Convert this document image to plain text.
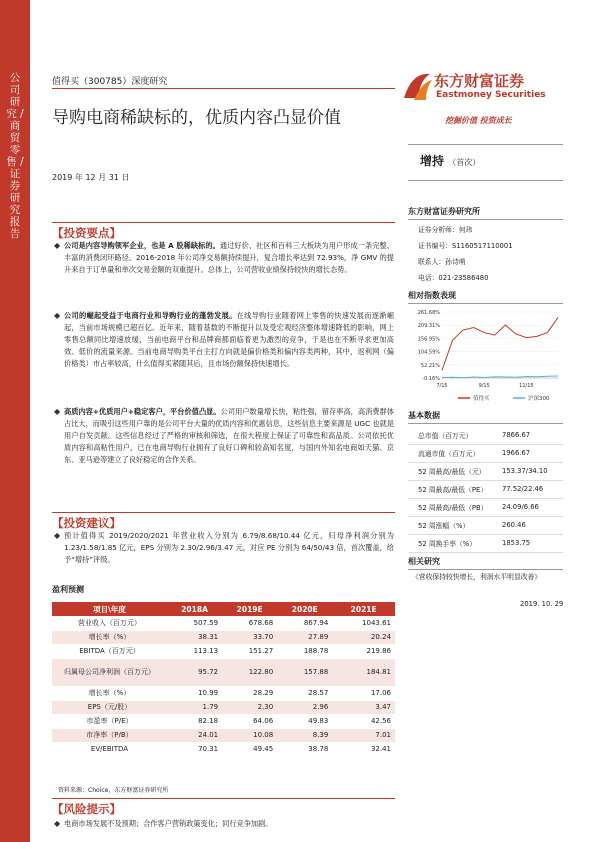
公司研究 / 商贸零售 / 证券研究报告
值得买（300785）深度研究
导购电商稀缺标的，优质内容凸显价值
东方财富证券
Eastmoney Securities
挖掘价值 投资成长
2019 年 12 月 31 日
增持 （首次）
【投资要点】
◆ 公司是内容导购领军企业，也是 A 股稀缺标的。通过好价、社区和百科三大板块为用户形成一条完整、丰富的消费闭环路径。2016-2018 年公司净交易额持续提升，复合增长率达到 72.93%，净 GMV 的提升来自于订单量和单次交易金额的双重提升。总体上，公司营收业绩保持较快的增长态势。
◆ 公司的崛起受益于电商行业和导购行业的蓬勃发展。在线导购行业随着网上零售的快速发展而逐渐崛起，当前市场规模已超百亿。近年来，随着基数的不断提升以及受宏观经济整体增速降低的影响，网上零售总额同比增速放缓，当前电商平台和品牌商都面临着更为激烈的竞争，于是也在不断寻求更加高效、低价的流量来源。当前电商导购类平台主打方向就是偏价格类和偏内容类两种，其中，返利网（偏价格类）市占率较高，什么值得买紧随其后，且市场份额保持快速增长。
◆ 高质内容+优质用户+稳定客户，平台价值凸显。公司用户数量增长快，粘性强，留存率高，高消费群体占比大，而吸引这些用户靠的是公司平台大量的优质内容和优惠信息，这些信息主要来源是 UGC 也就是用户自发贡献。这些信息经过了严格的审核和筛选，在很大程度上保证了可靠性和高品质。公司依托优质内容和高粘性用户，已在电商导购行业拥有了良好口碑和较高知名度，与国内外知名电商如天猫、京东、亚马逊等建立了良好稳定的合作关系。
【投资建议】
◆ 预计值得买 2019/2020/2021 年营业收入分别为 6.79/8.68/10.44 亿元，归母净利润分别为 1.23/1.58/1.85 亿元，EPS 分别为 2.30/2.96/3.47 元，对应 PE 分别为 64/50/43 倍，首次覆盖，给予“增持”评级。
盈利预测
项目\年度	2018A	2019E	2020E	2021E
营业收入（百万元）	507.59	678.68	867.94	1043.61
增长率（%）	38.31	33.70	27.89	20.24
EBITDA（百万元）	113.13	151.27	188.78	219.86
归属母公司净利润（百万元）	95.72	122.80	157.88	184.81
增长率（%）	10.99	28.29	28.57	17.06
EPS（元/股）	1.79	2.30	2.96	3.47
市盈率（P/E）	82.18	64.06	49.83	42.56
市净率（P/B）	24.01	10.08	8.39	7.01
EV/EBITDA	70.31	49.45	38.78	32.41
资料来源：Choice，东方财富证券研究所
【风险提示】
◆ 电商市场发展不及预期；合作客户营销政策变化；同行竞争加剧。
东方财富证券研究所
证券分析师：何玮
证书编号：S1160517110001
联系人：孙诗萌
电话：021-23586480
相对指数表现
261.68%
209.31%
156.95%
104.59%
52.21%
-0.16%
7/15	9/15	11/15
值得买	沪深300
基本数据
总市值（百万元）	7866.67
流通市值（百万元）	1966.67
52 周最高/最低（元）	153.37/34.10
52 周最高/最低（PE）	77.52/22.46
52 周最高/最低（PB）	24.09/6.66
52 周涨幅（%）	260.46
52 周换手率（%）	1853.75
相关研究
《营收保持较快增长，利润水平明显改善》
2019. 10. 29
